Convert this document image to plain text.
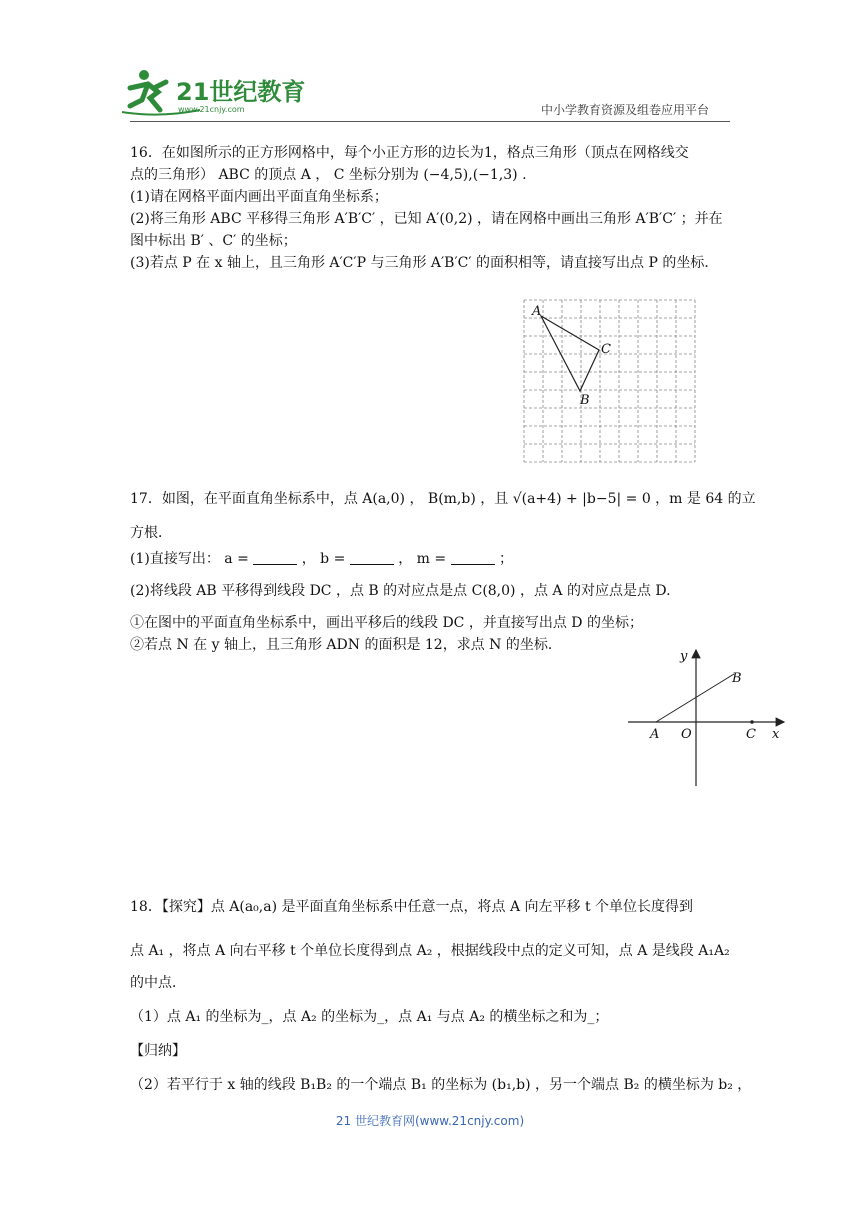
21世纪教育
www.21cnjy.com	中小学教育资源及组卷应用平台
16．在如图所示的正方形网格中，每个小正方形的边长为1，格点三角形（顶点在网格线交
点的三角形） ABC 的顶点 A ， C 坐标分别为 (−4,5),(−1,3) .
(1)请在网格平面内画出平面直角坐标系；
(2)将三角形 ABC 平移得三角形 A′B′C′ ，已知 A′(0,2) ，请在网格中画出三角形 A′B′C′ ；并在
图中标出 B′ 、C′ 的坐标；
(3)若点 P 在 x 轴上，且三角形 A′C′P 与三角形 A′B′C′ 的面积相等，请直接写出点 P 的坐标．
A
C
B
17．如图，在平面直角坐标系中，点 A(a,0) ， B(m,b) ，且 √(a+4) + |b−5| = 0 ，m 是 64 的立
方根．
(1)直接写出： a =	， b =	， m =	；
(2)将线段 AB 平移得到线段 DC ，点 B 的对应点是点 C(8,0) ，点 A 的对应点是点 D.
①在图中的平面直角坐标系中，画出平移后的线段 DC ，并直接写出点 D 的坐标；
②若点 N 在 y 轴上，且三角形 ADN 的面积是 12，求点 N 的坐标．
y
x
A O
B
C
18．【探究】点 A(a₀,a) 是平面直角坐标系中任意一点，将点 A 向左平移 t 个单位长度得到
点 A₁ ，将点 A 向右平移 t 个单位长度得到点 A₂ ，根据线段中点的定义可知，点 A 是线段 A₁A₂
的中点．
（1）点 A₁ 的坐标为_，点 A₂ 的坐标为_，点 A₁ 与点 A₂ 的横坐标之和为_；
【归纳】
（2）若平行于 x 轴的线段 B₁B₂ 的一个端点 B₁ 的坐标为 (b₁,b) ，另一个端点 B₂ 的横坐标为 b₂ ，
21 世纪教育网(www.21cnjy.com)
